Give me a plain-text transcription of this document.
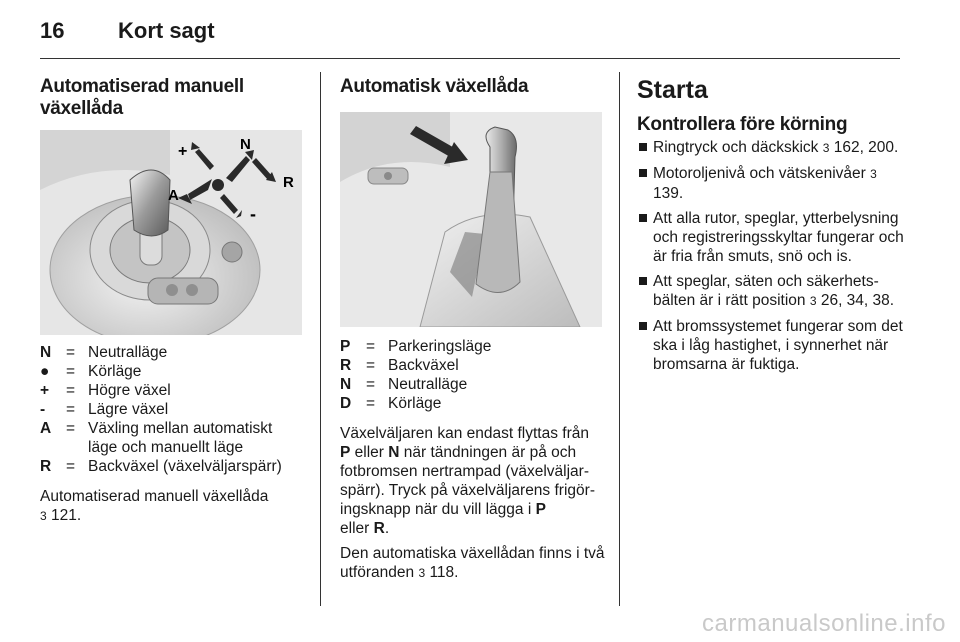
16 Kort sagt
Automatiserad manuell
växellåda
+	N
R
A
-
N = Neutralläge
●	= Körläge
+	= Högre växel
-	= Lägre växel
A = Växling mellan automatiskt läge och manuellt läge
R = Backväxel (växelväljarspärr)

Automatiserad manuell växellåda
3 121.

Automatisk växellåda
P	= Parkeringsläge
R = Backväxel
N = Neutralläge
D = Körläge

Växelväljaren kan endast flyttas från
P eller N när tändningen är på och fotbromsen nertrampad (växelväljarspärr). Tryck på växelväljarens frigöringsknapp när du vill lägga i P
eller R.

Den automatiska växellådan finns i två utföranden 3 118.

Starta
Kontrollera före körning
Ringtryck och däckskick 3 162, 200.
Motoroljenivå och vätskenivåer 3 139.
Att alla rutor, speglar, ytterbelysning och registreringsskyltar fungerar och är fria från smuts, snö och is.
Att speglar, säten och säkerhetsbälten är i rätt position 3 26, 34, 38.
Att bromssystemet fungerar som det ska i låg hastighet, i synnerhet när bromsarna är fuktiga.
carmanualsonline.info
